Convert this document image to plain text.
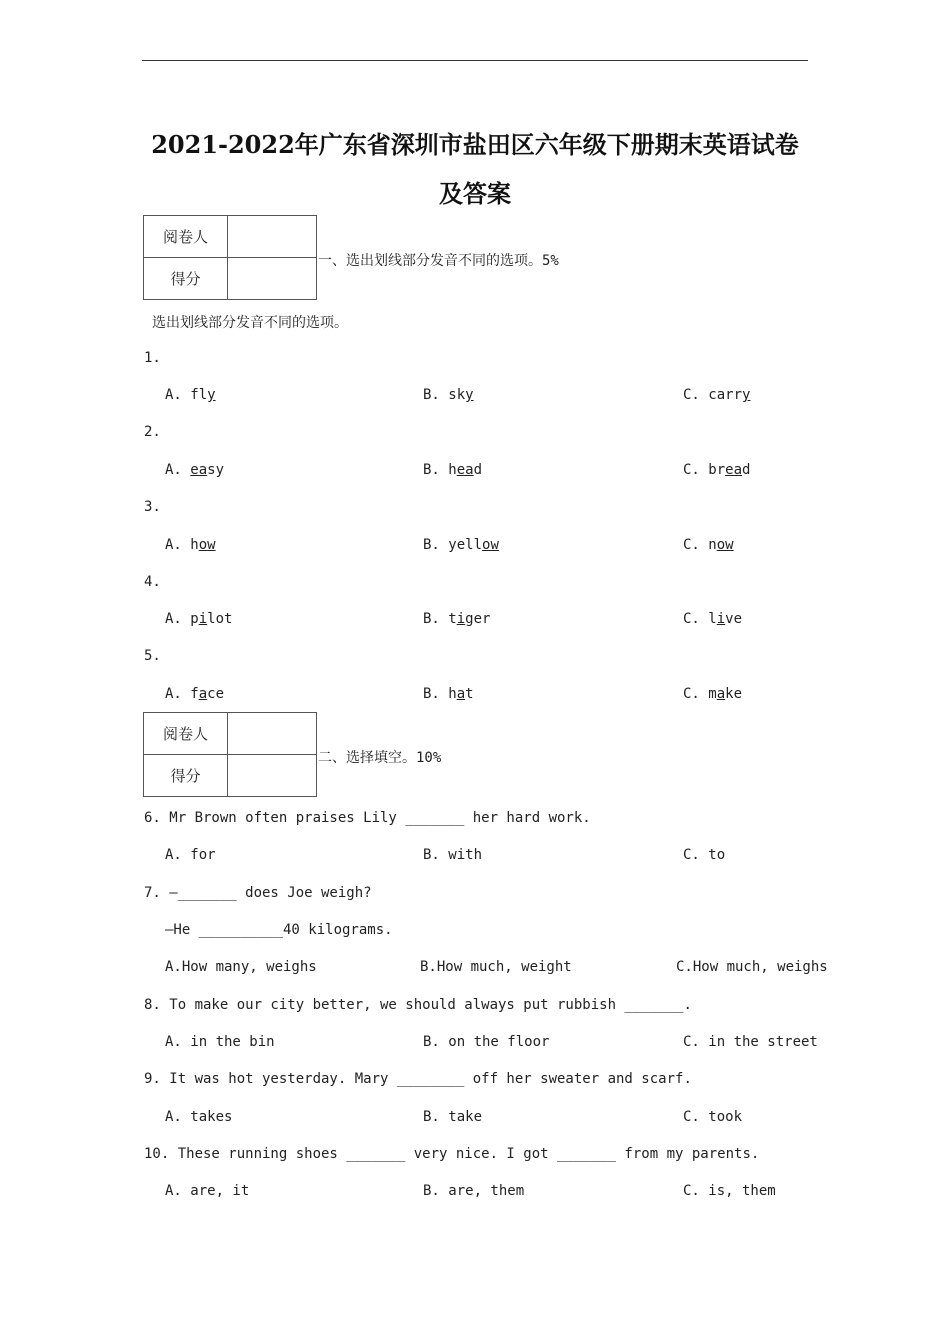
2021-2022年广东省深圳市盐田区六年级下册期末英语试卷
及答案
阅卷人	
得分	
一、选出划线部分发音不同的选项。5%
选出划线部分发音不同的选项。
1.
A. fly	B. sky	C. carry
2.
A. easy	B. head	C. bread
3.
A. how	B. yellow	C. now
4.
A. pilot	B. tiger	C. live
5.
A. face	B. hat	C. make
阅卷人	
得分	
二、选择填空。10%
6. Mr Brown often praises Lily _______ her hard work.
A. for	B. with	C. to
7. —_______ does Joe weigh?
—He __________40 kilograms.
A.How many, weighs	B.How much, weight	C.How much, weighs
8. To make our city better, we should always put rubbish _______.
A. in the bin	B. on the floor	C. in the street
9. It was hot yesterday. Mary ________ off her sweater and scarf.
A. takes	B. take	C. took
10. These running shoes _______ very nice. I got _______ from my parents.
A. are, it	B. are, them	C. is, them
